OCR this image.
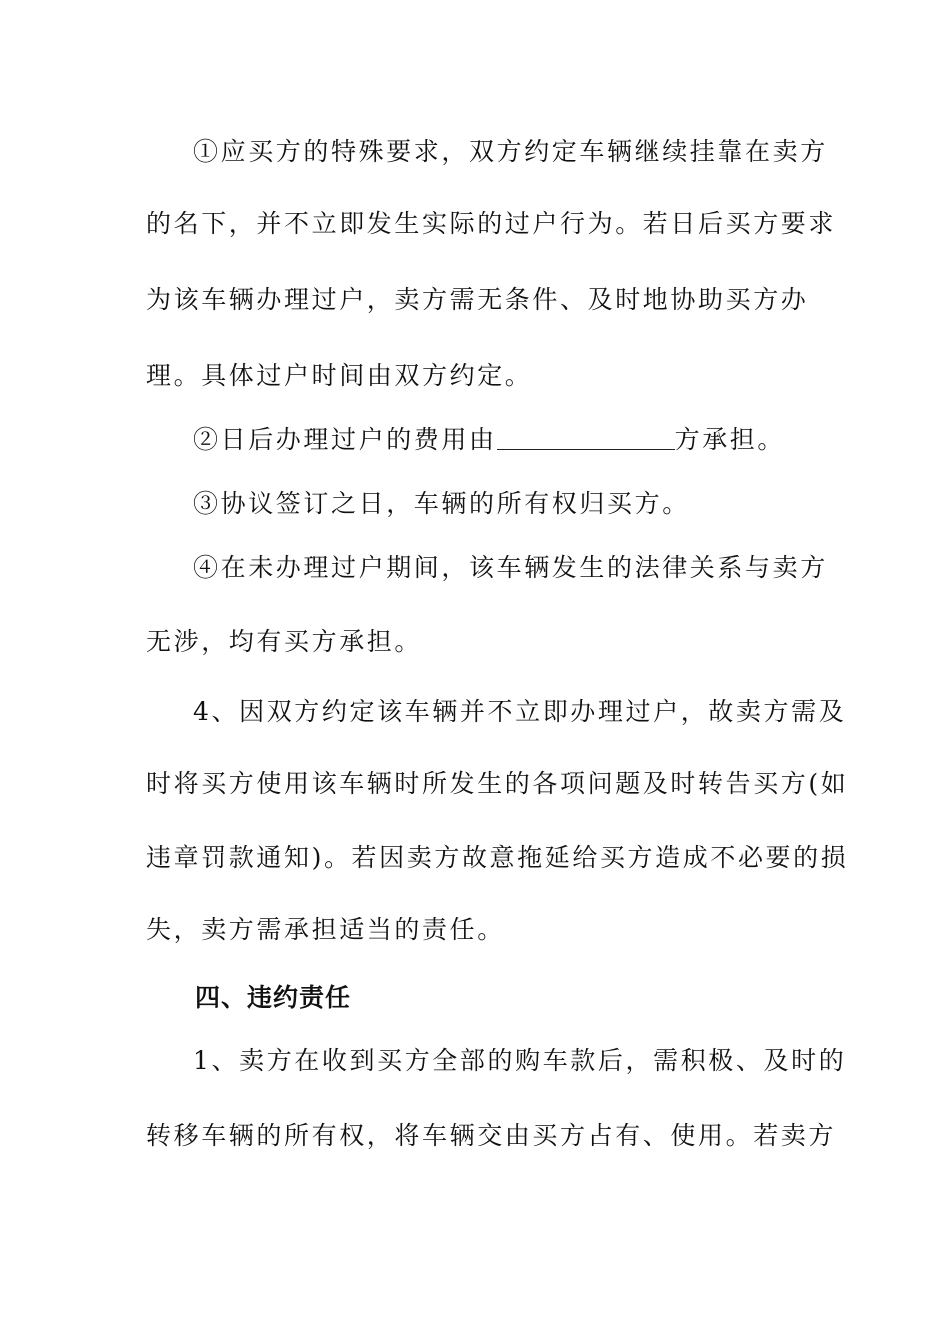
①应买方的特殊要求，双方约定车辆继续挂靠在卖方
的名下，并不立即发生实际的过户行为。若日后买方要求
为该车辆办理过户，卖方需无条件、及时地协助买方办
理。具体过户时间由双方约定。
②日后办理过户的费用由	方承担。
③协议签订之日，车辆的所有权归买方。
④在未办理过户期间，该车辆发生的法律关系与卖方
无涉，均有买方承担。
4、因双方约定该车辆并不立即办理过户，故卖方需及
时将买方使用该车辆时所发生的各项问题及时转告买方(如
违章罚款通知)。若因卖方故意拖延给买方造成不必要的损
失，卖方需承担适当的责任。
四、违约责任
1、卖方在收到买方全部的购车款后，需积极、及时的
转移车辆的所有权，将车辆交由买方占有、使用。若卖方
